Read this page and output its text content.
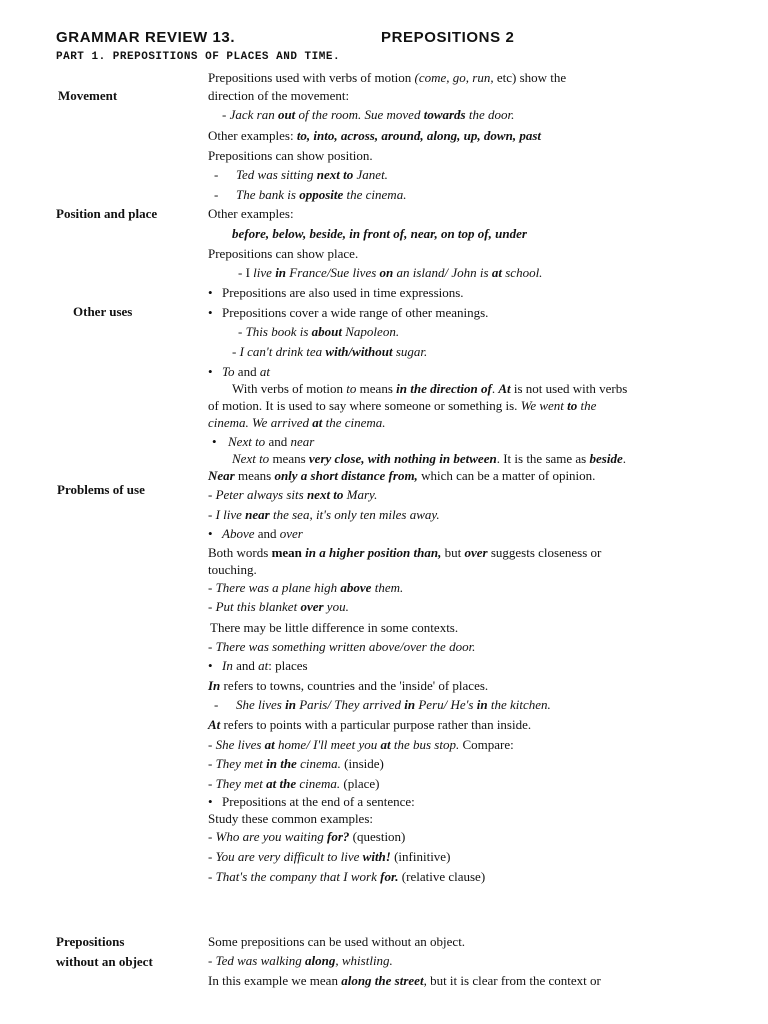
GRAMMAR REVIEW 13.	PREPOSITIONS 2
PART 1. PREPOSITIONS OF PLACES AND TIME.
Movement
Position and place
Other uses
Problems of use
Prepositions
without an object
Prepositions used with verbs of motion (come, go, run, etc) show the
direction of the movement:
- Jack ran out of the room. Sue moved towards the door.
Other examples: to, into, across, around, along, up, down, past
Prepositions can show position.
- Ted was sitting next to Janet.
- The bank is opposite the cinema.
Other examples:
before, below, beside, in front of, near, on top of, under
Prepositions can show place.
- I live in France/Sue lives on an island/ John is at school.
• Prepositions are also used in time expressions.
• Prepositions cover a wide range of other meanings.
- This book is about Napoleon.
- I can't drink tea with/without sugar.
• To and at
With verbs of motion to means in the direction of. At is not used with verbs
of motion. It is used to say where someone or something is. We went to the
cinema. We arrived at the cinema.
• Next to and near
Next to means very close, with nothing in between. It is the same as beside.
Near means only a short distance from, which can be a matter of opinion.
- Peter always sits next to Mary.
- I live near the sea, it's only ten miles away.
• Above and over
Both words mean in a higher position than, but over suggests closeness or
touching.
- There was a plane high above them.
- Put this blanket over you.
There may be little difference in some contexts.
- There was something written above/over the door.
• In and at: places
In refers to towns, countries and the 'inside' of places.
- She lives in Paris/ They arrived in Peru/ He's in the kitchen.
At refers to points with a particular purpose rather than inside.
- She lives at home/ I'll meet you at the bus stop. Compare:
- They met in the cinema. (inside)
- They met at the cinema. (place)
• Prepositions at the end of a sentence:
Study these common examples:
- Who are you waiting for? (question)
- You are very difficult to live with! (infinitive)
- That's the company that I work for. (relative clause)
Some prepositions can be used without an object.
- Ted was walking along, whistling.
In this example we mean along the street, but it is clear from the context or
